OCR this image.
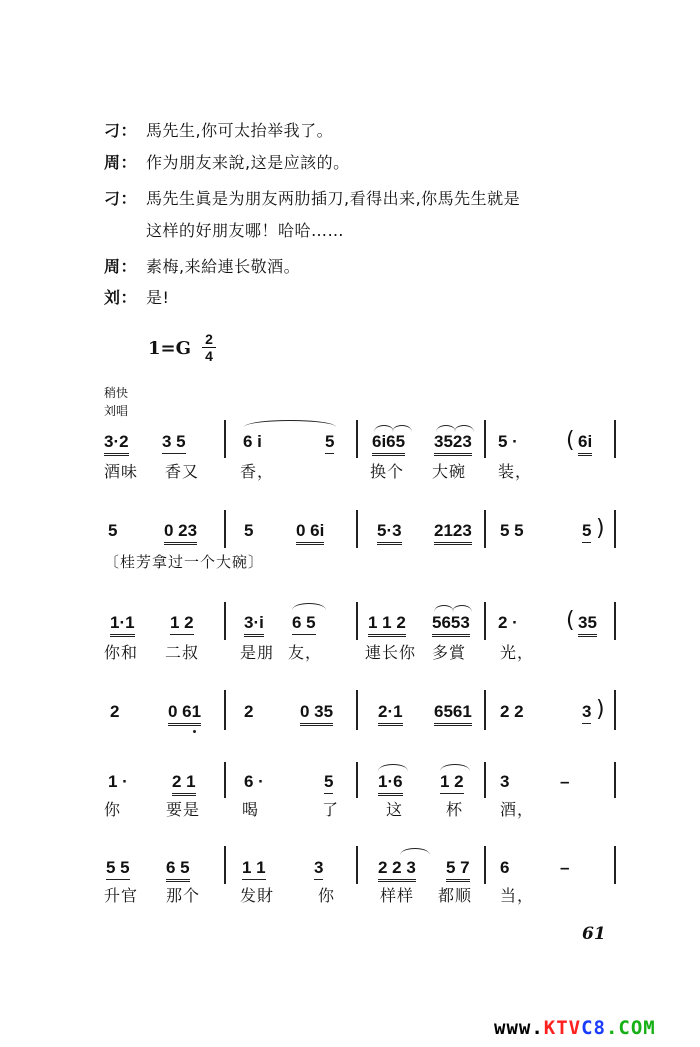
刁： 馬先生,你可太抬举我了。
周： 作为朋友来說,这是应該的。
刁： 馬先生眞是为朋友两肋插刀,看得出来,你馬先生就是
这样的好朋友哪！哈哈……
周： 素梅,来給連长敬酒。
刘： 是!
1=G 2
4
稍快
刘唱
3·2 3 5	6 i	5 6i65 3523 5 · ( 6i
酒味 香又	香，	换个 大碗 装，
5	0 23	5	0 6i	5·3 2123 5 5	5 )
〔桂芳拿过一个大碗〕
1·1 1 2	3·i 6 5	1 1 2 5653 2 · ( 35
你和 二叔	是朋 友，	連长你 多賞 光，
2	0 61	2	0 35	2·1 6561 2 2	3 )
1 ·	2 1	6 ·	5	1·6 1 2 3	–
你	要是	喝	了	这	杯 酒，
5 5 6 5	1 1	3	2 2 3 5 7 6	–
升官 那个 发財	你	样样 都顺 当，
61
www.KTVC8.COM
